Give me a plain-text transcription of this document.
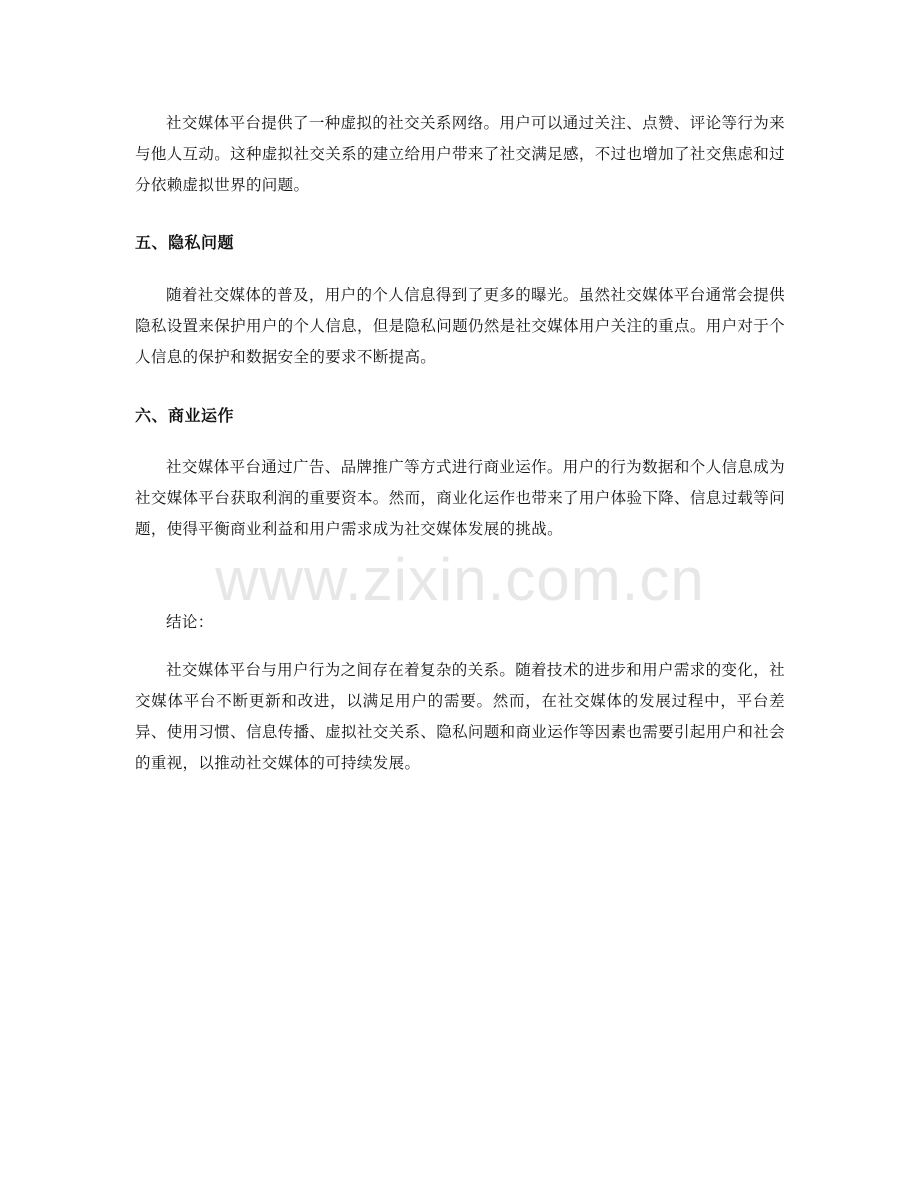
社交媒体平台提供了一种虚拟的社交关系网络。用户可以通过关注、点赞、评论等行为来与他人互动。这种虚拟社交关系的建立给用户带来了社交满足感，不过也增加了社交焦虑和过分依赖虚拟世界的问题。

五、隐私问题

随着社交媒体的普及，用户的个人信息得到了更多的曝光。虽然社交媒体平台通常会提供隐私设置来保护用户的个人信息，但是隐私问题仍然是社交媒体用户关注的重点。用户对于个人信息的保护和数据安全的要求不断提高。

六、商业运作

社交媒体平台通过广告、品牌推广等方式进行商业运作。用户的行为数据和个人信息成为社交媒体平台获取利润的重要资本。然而，商业化运作也带来了用户体验下降、信息过载等问题，使得平衡商业利益和用户需求成为社交媒体发展的挑战。

结论：

社交媒体平台与用户行为之间存在着复杂的关系。随着技术的进步和用户需求的变化，社交媒体平台不断更新和改进，以满足用户的需要。然而，在社交媒体的发展过程中，平台差异、使用习惯、信息传播、虚拟社交关系、隐私问题和商业运作等因素也需要引起用户和社会的重视，以推动社交媒体的可持续发展。

www.zixin.com.cn
